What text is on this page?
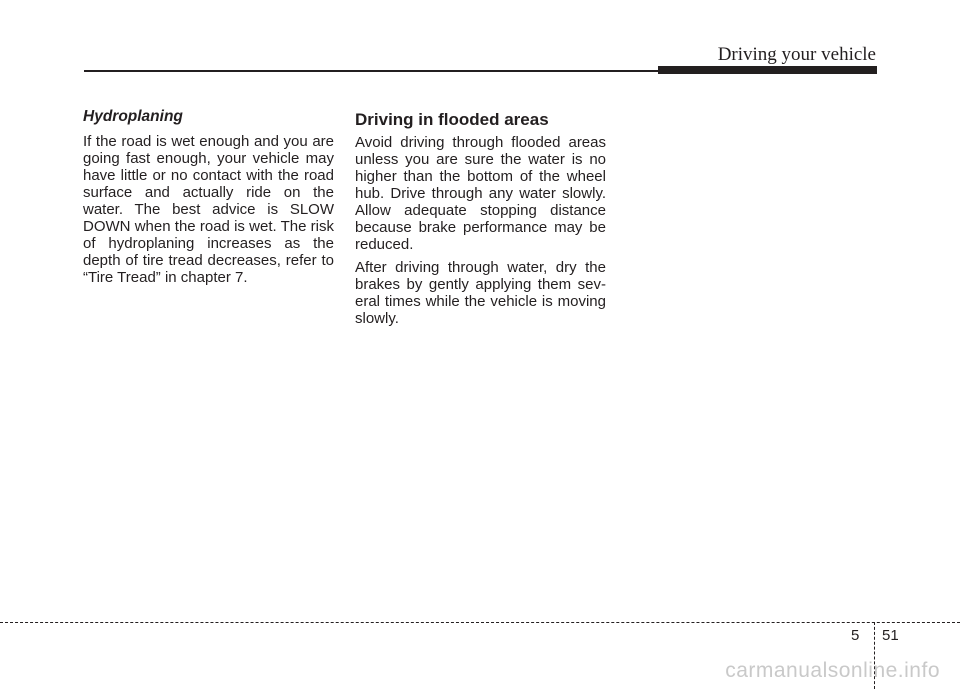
Driving your vehicle

Hydroplaning

If the road is wet enough and you are going fast enough, your vehicle may have little or no contact with the road surface and actually ride on the water. The best advice is SLOW DOWN when the road is wet. The risk of hydroplaning increases as the depth of tire tread decreases, refer to “Tire Tread” in chapter 7.

Driving in flooded areas

Avoid driving through flooded areas unless you are sure the water is no higher than the bottom of the wheel hub. Drive through any water slowly. Allow adequate stopping distance because brake performance may be reduced.

After driving through water, dry the brakes by gently applying them sev-eral times while the vehicle is moving slowly.

5 51
carmanualsonline.info
